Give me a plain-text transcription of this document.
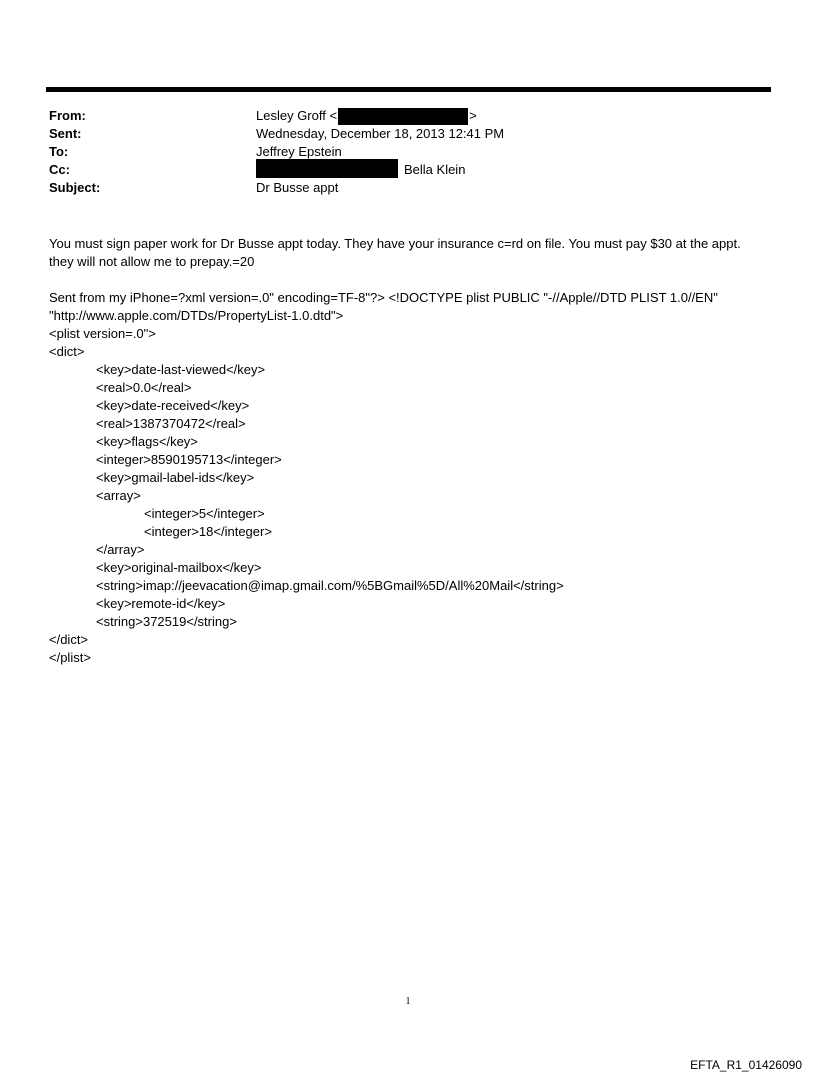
From:	Lesley Groff <	>
Sent:	Wednesday, December 18, 2013 12:41 PM
To:	Jeffrey Epstein
Cc:	Bella Klein
Subject:	Dr Busse appt

You must sign paper work for Dr Busse appt today. They have your insurance c=rd on file. You must pay $30 at the appt.

they will not allow me to prepay.=20

Sent from my iPhone=?xml version=.0" encoding=TF-8"?> <!DOCTYPE plist PUBLIC "-//Apple//DTD PLIST 1.0//EN"

"http://www.apple.com/DTDs/PropertyList-1.0.dtd">

<plist version=.0">

<dict>

<key>date-last-viewed</key>

<real>0.0</real>

<key>date-received</key>

<real>1387370472</real>

<key>flags</key>

<integer>8590195713</integer>

<key>gmail-label-ids</key>

<array>

<integer>5</integer>

<integer>18</integer>

</array>

<key>original-mailbox</key>

<string>imap://jeevacation@imap.gmail.com/%5BGmail%5D/All%20Mail</string>

<key>remote-id</key>

<string>372519</string>

</dict>

</plist>

1
EFTA_R1_01426090
